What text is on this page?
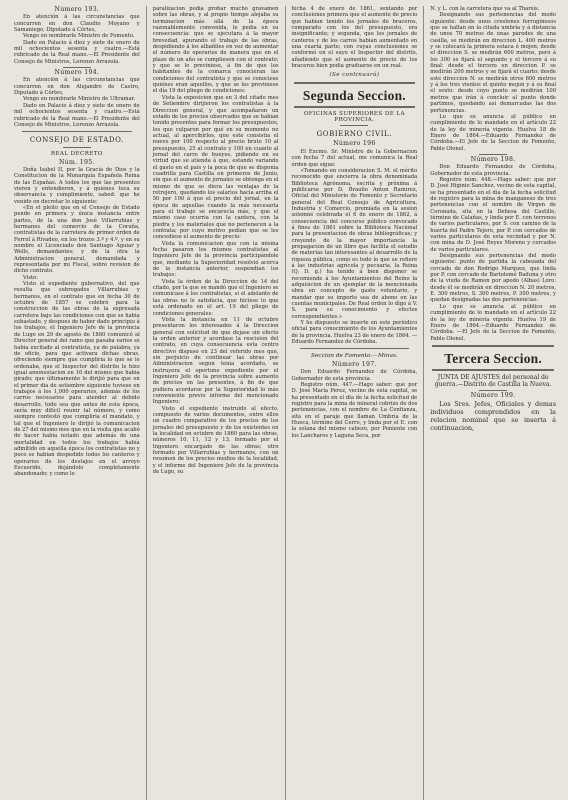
Número 193.

En atención á las circunstancias que concurren en don Claudio Moyano y Samaniego, Diputado á Córtes,

Vengo en nombrarle Ministro de Fomento.

Dado en Palacio á diez y siete de enero de mil ochocientos sesenta y cuatro.—Está rubricado de la Real mano.—El Presidente del Consejo de Ministros, Lorenzo Arrazola.

Número 194.

En atención á las circunstancias que concurren en don Alejandro de Castro, Diputado á Córtes,

Vengo en nombrarle Ministro de Ultramar.

Dado en Palacio á diez y siete de enero de mil ochocientos sesenta y cuatro.—Está rubricado de la Real mano.—El Presidente del Consejo de Ministros, Lorenzo Arrazola.

CONSEJO DE ESTADO.
REAL DECRETO
Núm. 195.

Doña Isabel II, por la Gracia de Dios y la Constitucion de la Monarquía Española Reina de las Españas. A todos los que las presentes vieren y entendieren, y á quienes toca su observancia y cumplimiento, sabed: que he venido en decretar lo siguiente:

«En el pleito que en el Consejo de Estado pende en primera y única instancia entre partes, de la una don José Villarrubias y hermanos del comercio de la Coruña, contratistas de la carretera de primer órden de Ferrol á Rivadeo, en los trozos 3.º y 4.º, y en su nombre el Licenciado don Santiago Aguiar y Wells, demandantes; y de la otra la Administracion general, demandada y representada por mi Fiscal, sobre revision de dicho contrato.

Visto:

Visto el expediente gubernativo, del que resulta que subrogados Villarrubias y hermanos, en el contrato que en fecha 30 de octubre de 1857 se celebró para la construccion de las obras de la expresada carretera bajo las condiciones con que se habia subastado, y despues de haber dado principio á los trabajos, el Ingeniero Jefe de la provincia de Lugo en 29 de agosto de 1860 comunicó al Director general del ramo que pasaba varios se habia excitado al contratista, ya de palabra, ya de oficio, para que activara dichas obras, ofreciendo siempre que cumpliria lo que se le ordenaba, que el Inspector del distrito le hizo igual amonestacion en 16 del mismo que habia girado; que últimamente le dirijió para que en el primer dia de setiembre siguiente tuviese en trabajos á los 1,000 operarios, además de los carros necesarios para atender al debido desarrollo, todo sea que antes de esta época, sería muy difícil reunir tal número, y como siempre contestó que cumpliria el mandato, y tal que el Ingeniero le dirijió la comunicacion de 27 del mismo mes que en la visita que acabó de hacer habia notado que además de una mortalidad en todos los trabajos había admitido en aquella época los contratistas no y poco se habian despedido todos los canteros y operarios de los destajos en el arroyo Escuerido, dejándolo completamente abandonado; y como lo

paralizacion podia probar mucho gravamen sobre las obras, y al propio tiempo alejaba su terminacion más allá de la época razonablemente convenida, le pedia en su consecuencia: que se ejecutara á la mayor brevedad, apurando el trabajo de las obras, despidiendo á los albañiles en vez de aumentar el número de operarios de manera que en el plazo de un año se cumpliesen con el contrato; y que se le previniese, á fin de que los habitantes de la comarca conocieran las condiciones del contratista y que se conociese quiénes eran aquellos, y que se les previniese el día 19 del pliego de condiciones:

Vista la exposicion que en 3 del citado mes de Setiembre dirijieron los contratistas á la Direccion general, y que acompañaron un estado de los precios observados que se habian tenido presentes para formar los presupuestos, los que culparon por qué en su momento no actual, al apercibirlos, que este consistia el nuevo por 100 respecto al precio bruto 10 al presupuesto, 25 al contrato y 100 en cuanto al jornal del carro de bueyes, pidiendo en su virtud que se atienda á que, estando variando el gasto en el país y la poca de que se disponia cuadrilla para Castilla en primeros de Junio, sin que el aumento de jornales se obtenga en el mismo de que se diera las ventajas de la retrejero, quedando los salarios hacia arriba el 50 por 100 á que el precio del jornal, en la época de aquellas cuando la más necesaria para el trabajo se encarecía más, y que el mismo caso ocurria con la cantera, con la piedra y los materiales que no pertenecen a la contrata; por cuyo motivo pedian que se les concediese el aumento de precio:

Vista la comunicacion que con la misma fecha pasaron los mismos contratistas al Ingeniero Jefe de la provincia participándole que, mediante la Superioridad resolvió acerca de la instancia anterior, suspendian los trabajos:

Vista la órden de la Direccion de 14 del citado, por la que se mandó que el Ingeniero se comunicase á los contratistas, si el adelanto de las obras no le satisfacia, que hiciese lo que está ordenado en el art. 19 del pliego de condiciones generales:

Vista la instancia en 11 de octubre presentaron los interesados á la Direccion general con solicitud de que dejase sin efecto la orden anterior y acordase la rescision del contrato, en cuya consecuencia esta centro directivo dispuso en 23 del referido mes que, sin perjuicio de continuar las obras por Administracion segun tenia acordado, se instruyera el oportuno expediente por el Ingeniero Jefe de la provincia sobre aumento de precios en las presentes, á fin de que pudiera acordarse por la Superioridad lo más conveniente previo informe del mencionado Ingeniero:

Visto el expediente instruido al efecto, compuesto de varios documentos, entre ellos un cuadro comparativo de los precios de los jornales del presupuesto y de los existentes en la localidad en octubre de 1860 para las obras, números 10, 11, 12 y 13, formado por el Ingeniero encargado de las obras; otro formado por Villarrubias y hermanos, con un resumen de los precios medios de la localidad, y el informe del Ingeniero Jefe de la provincia de Lugo, su

fecha 4 de enero de 1861, sentando por conclusiones primera que el aumento de precio que habian tenido los jornales de braceros, comparado con los del presupuesto, era insignificante; y segunda, que los jornales de canteros y de los carros habian aumentado en una cuarta parte; con cuyas conclusiones se conformó en el suyo el Inspector del distrito, añadiendo que el aumento de precio de los braceros bien podia graduarse en un real.

(Se continuará)
Segunda Seccion.
OFICINAS SUPERIORES DE LA PROVINCIA.
GOBIERNO CIVIL.
Número 196

El Excmo. Sr. Ministro de la Gobernacion con fecha 7 del actual, me comunica la Real órden que sigue:

«Tomando en consideracion S. M. el mérito reconocido que encierra la obra denominada Biblioteca Agrónoma, escrita y próxima á publicarse por D. Braulio Anton Ramirez, Oficial del Ministerio de Fomento y Secretario general del Real Consejo de Agricultura, Industria y Comercio, premiada en la sesion solemne celebrada el 6 de enero de 1862, á consecuencia del concurso público convocado á fines de 1861 sobre la Biblioteca Nacional para la presentacion de obras bibliográficas; y creyendo de la mayor importancia la propagacion de un libro que facilita el estudio de materias tan interesantes al desarrollo de la riqueza pública, como es todo lo que se refiere á las industrias agrícola y pecuaria, la Reina (Q. D. g.) ha tenido á bien disponer se recomiende á los Ayuntamientos del Reino la adquisicion de un ejemplar de la mencionada obra en concepto de gasto voluntario, y mandar que su importe sea de abono en las cuentas municipales. De Real órden lo digo á V. S. para su conocimiento y efectos correspondientes.»

Y he dispuesto se inserte en este periódico oficial para conocimiento de los Ayuntamientos de la provincia. Huelva 23 de enero de 1864. —Eduardo Fernandez de Córdoba.

Seccion de Fomento.—Minas.
Número 197.

Don Eduardo Fernandez de Córdoba, Gobernador de esta provincia.

Registro núm. 447.—Hago saber: que por D. José María Perez, vecino de esta capital, se ha presentado en el dia de la fecha solicitud de registro para la mina de mineral cobrizo de dos pertenencias, con el nombre de La Confianza, sita en el paraje que llaman Umbría de la Hueca, término del Cerro, y linda por el E. con la solana del mismo cabezo, por Poniente con los Lancharos y Laguna Seca, por

N. y L. con la carretera que va al Tharsis.

Designando sus pertenencias del modo siguiente: desde unos crestones ferruginosos que se hallan en la citada umbría y á distancia de unos 70 metros de unas paredes de una casilla, se medirán en direccion L. 400 metros y se colocará la primera estaca ó mojon; desde el direccion S. se medirán 600 metros, pero á los 300 se fijará el segundo y el tercero á su final: desde el tercero en direccion P. se medirán 200 metros y se fijará el cuarto: desde este direccion N. se medirán otros 600 metros y á los tres vientos el quinto mojon y á su final el sexto: desde cuyo punto se medirán 100 metros que irán á concluir al punto donde partimos, quedando así demarcadas las dos pertenencias.

Lo que se anuncia al público en cumplimiento de lo mandado en el artículo 22 de la ley de minería vigente. Huelva 18 de Enero de 1864.—Eduardo Fernandez de Córdoba.—El Jefe de la Seccion de Fomento, Pablo Olonel.

Número 198.

Don Eduardo Fernandez de Córdoba, Gobernador de esta provincia.

Registro núm. 448.—Hago saber: que por D. José Higinio Sanchez, vecino de esta capital, se ha presentado en el dia de la fecha solicitud de registro para la mina de manganeso de tres pertenencias con el nombre de Virgen de Coronada, sita en la Dehesa del Castillo, término de Calañas, y linda por E. con terrenos de varios particulares, por S. con camino de la huerta del Padre Tejero, por P. con cercados de varios particulares de esta vecindad y por N. con mina de D. José Reyes Moreno y cercados de varios particulares.

Designando sus pertenencias del modo siguiente: punto de partida la cabezada del cercado de don Rodrigo Marquez, que linda por P. con cercado de Bartolomé Baduna y otro de la viuda de Ramon por apodo (Albas) Loro: desde él se medirán en direccion N. 20 metros, E. 300 metros, S. 300 metros, P. 300 metros, y quedan designadas las dos pertenencias.

Lo que se anuncia al público en cumplimiento de lo mandado en el artículo 22 de la ley de minería vigente. Huelva 19 de Enero de 1864.—Eduardo Fernandez de Córdoba. —El Jefe de la Seccion de Fomento, Pablo Olonel.

Tercera Seccion.

JUNTA DE AJUSTES del personal de guerra.—Distrito de Castilla la Nueva.

Número 199.

Los Sres. Jefes, Oficiales y demas individuos comprendidos en la relacion nominal que se inserta á continuacion,
